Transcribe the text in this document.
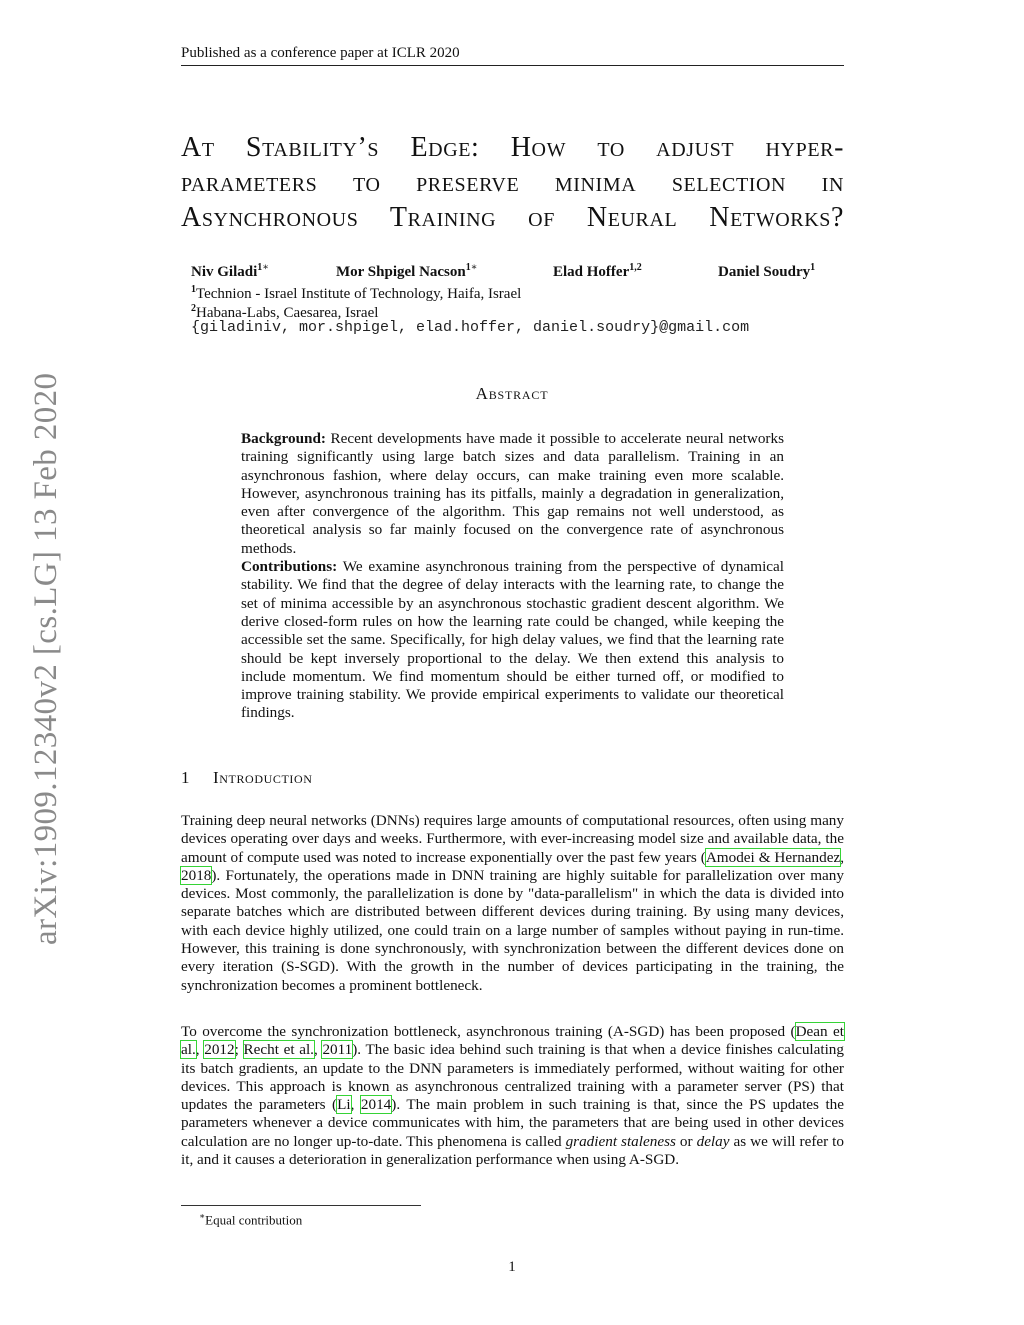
Published as a conference paper at ICLR 2020
arXiv:1909.12340v2 [cs.LG] 13 Feb 2020
At Stability’s Edge: How to adjust hyper-
parameters to preserve minima selection in
Asynchronous Training of Neural Networks?
Niv Giladi$^{1∗}$	Mor Shpigel Nacson$^{1∗}$	Elad Hoffer$^{1,2}$	Daniel Soudry$^1$
$^1$Technion - Israel Institute of Technology, Haifa, Israel
$^2$Habana-Labs, Caesarea, Israel
{giladiniv, mor.shpigel, elad.hoffer, daniel.soudry}@gmail.com
Abstract

Background: Recent developments have made it possible to accelerate neural networks training significantly using large batch sizes and data parallelism. Training in an asynchronous fashion, where delay occurs, can make training even more scalable. However, asynchronous training has its pitfalls, mainly a degradation in generalization, even after convergence of the algorithm. This gap remains not well understood, as theoretical analysis so far mainly focused on the convergence rate of asynchronous methods.

Contributions: We examine asynchronous training from the perspective of dynamical stability. We find that the degree of delay interacts with the learning rate, to change the set of minima accessible by an asynchronous stochastic gradient descent algorithm. We derive closed-form rules on how the learning rate could be changed, while keeping the accessible set the same. Specifically, for high delay values, we find that the learning rate should be kept inversely proportional to the delay. We then extend this analysis to include momentum. We find momentum should be either turned off, or modified to improve training stability. We provide empirical experiments to validate our theoretical findings.

1 Introduction

Training deep neural networks (DNNs) requires large amounts of computational resources, often using many devices operating over days and weeks. Furthermore, with ever-increasing model size and available data, the amount of compute used was noted to increase exponentially over the past few years (Amodei & Hernandez, 2018). Fortunately, the operations made in DNN training are highly suitable for parallelization over many devices. Most commonly, the parallelization is done by "data-parallelism" in which the data is divided into separate batches which are distributed between different devices during training. By using many devices, with each device highly utilized, one could train on a large number of samples without paying in run-time. However, this training is done synchronously, with synchronization between the different devices done on every iteration (S-SGD). With the growth in the number of devices participating in the training, the synchronization becomes a prominent bottleneck.

To overcome the synchronization bottleneck, asynchronous training (A-SGD) has been proposed (Dean et al., 2012; Recht et al., 2011). The basic idea behind such training is that when a device finishes calculating its batch gradients, an update to the DNN parameters is immediately performed, without waiting for other devices. This approach is known as asynchronous centralized training with a parameter server (PS) that updates the parameters (Li, 2014). The main problem in such training is that, since the PS updates the parameters whenever a device communicates with him, the parameters that are being used in other devices calculation are no longer up-to-date. This phenomena is called gradient staleness or delay as we will refer to it, and it causes a deterioration in generalization performance when using A-SGD.

∗Equal contribution
1
